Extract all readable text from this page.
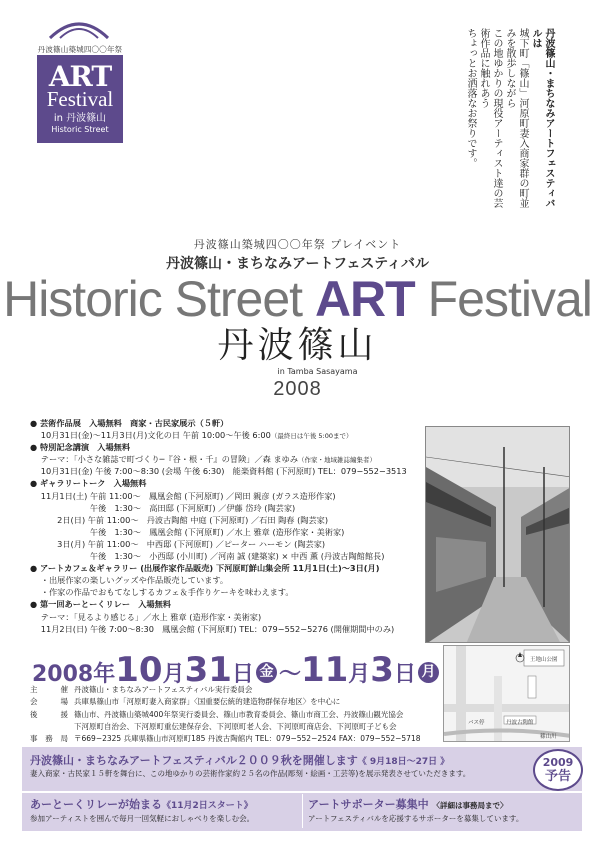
丹波篠山築城四〇〇年祭
ART
Festival
in 丹波篠山
Historic Street	丹波篠山・まちなみアートフェスティバルは
城下町「篠山」河原町妻入商家群の町並みを散歩しながら
この地ゆかりの現役アーティスト達の芸術作品に触れあう
ちょっとお洒落なお祭りです。
丹波篠山築城四〇〇年祭 プレイベント
丹波篠山・まちなみアートフェスティバル
Historic Street ART Festival
丹波篠山
in Tamba Sasayama
2008
● 芸術作品展　入場無料　商家・古民家展示（５軒）
　 10月31日(金)〜11月3日(月)文化の日 午前 10:00〜午後 6:00（最終日は午後 5:00まで）
● 特別記念講演　入場無料
　 テーマ：「小さな雑誌で町づくり─『谷・根・千』の冒険」／森 まゆみ（作家・地域雑誌編集者）
　 10月31日(金) 午後 7:00〜8:30 (会場 午後 6:30)　能楽資料館 (下河原町) TEL：079−552−3513
● ギャラリートーク　入場無料
　 11月1日(土) 午前 11:00〜　鳳凰会館 (下河原町) ／岡田 親彦 (ガラス造形作家)
　　　　　　　 午後　1:30〜　高田邸 (下河原町) ／伊藤 岱玲 (陶芸家)
　　　 2日(日) 午前 11:00〜　丹波古陶館 中庭 (下河原町) ／石田 陶春 (陶芸家)
　　　　　　　 午後　1:30〜　鳳凰会館 (下河原町) ／水上 雅章 (造形作家・美術家)
　　　 3日(月) 午前 11:00〜　中西邸 (下河原町) ／ピーター ハーモン (陶芸家)
　　　　　　　 午後　1:30〜　小西邸 (小川町) ／河南 誠 (建築家) × 中西 薫 (丹波古陶館館長)
● アートカフェ＆ギャラリー (出展作家作品販売) 下河原町鮮山集会所 11月1日(土)〜3日(月)
　 ・出展作家の楽しいグッズや作品販売しています。
　 ・作家の作品でおもてなしするカフェ＆手作りケーキを味わえます。
● 第一回あーとーくリレー　入場無料
　 テーマ：「見るより感じる」／水上 雅章 (造形作家・美術家)
　 11月2日(日) 午後 7:00〜8:30　鳳凰会館 (下河原町) TEL：079−552−5276 (開催期間中のみ)
王地山公園
丹波古陶館
バス停
篠山川
2008年10月31日 金 〜11月3日 月
主　催 丹波篠山・まちなみアートフェスティバル実行委員会
会　場 兵庫県篠山市「河原町妻入商家群」〈国重要伝統的建造物群保存地区〉を中心に
後　援 篠山市、丹波篠山築城400年祭実行委員会、篠山市教育委員会、篠山市商工会、丹波篠山観光協会
下河原町自治会、下河原町重伝建保存会、下河原町老人会、下河原町商店会、下河原町子ども会
事務局 〒669−2325 兵庫県篠山市河原町185 丹波古陶館内 TEL：079−552−2524 FAX：079−552−5718
丹波篠山・まちなみアートフェスティバル２００９秋を開催します《 9月18日〜27日 》
妻入商家・古民家１５軒を舞台に、この地ゆかりの芸術作家約２５名の作品(彫刻・絵画・工芸等)を展示発表させていただきます。
2009
予告
あーとーくリレーが始まる《11月2日スタート》
参加アーティストを囲んで毎月一回気軽におしゃべりを楽しむ会。
アートサポーター募集中 〈詳細は事務局まで〉
アートフェスティバルを応援するサポーターを募集しています。
